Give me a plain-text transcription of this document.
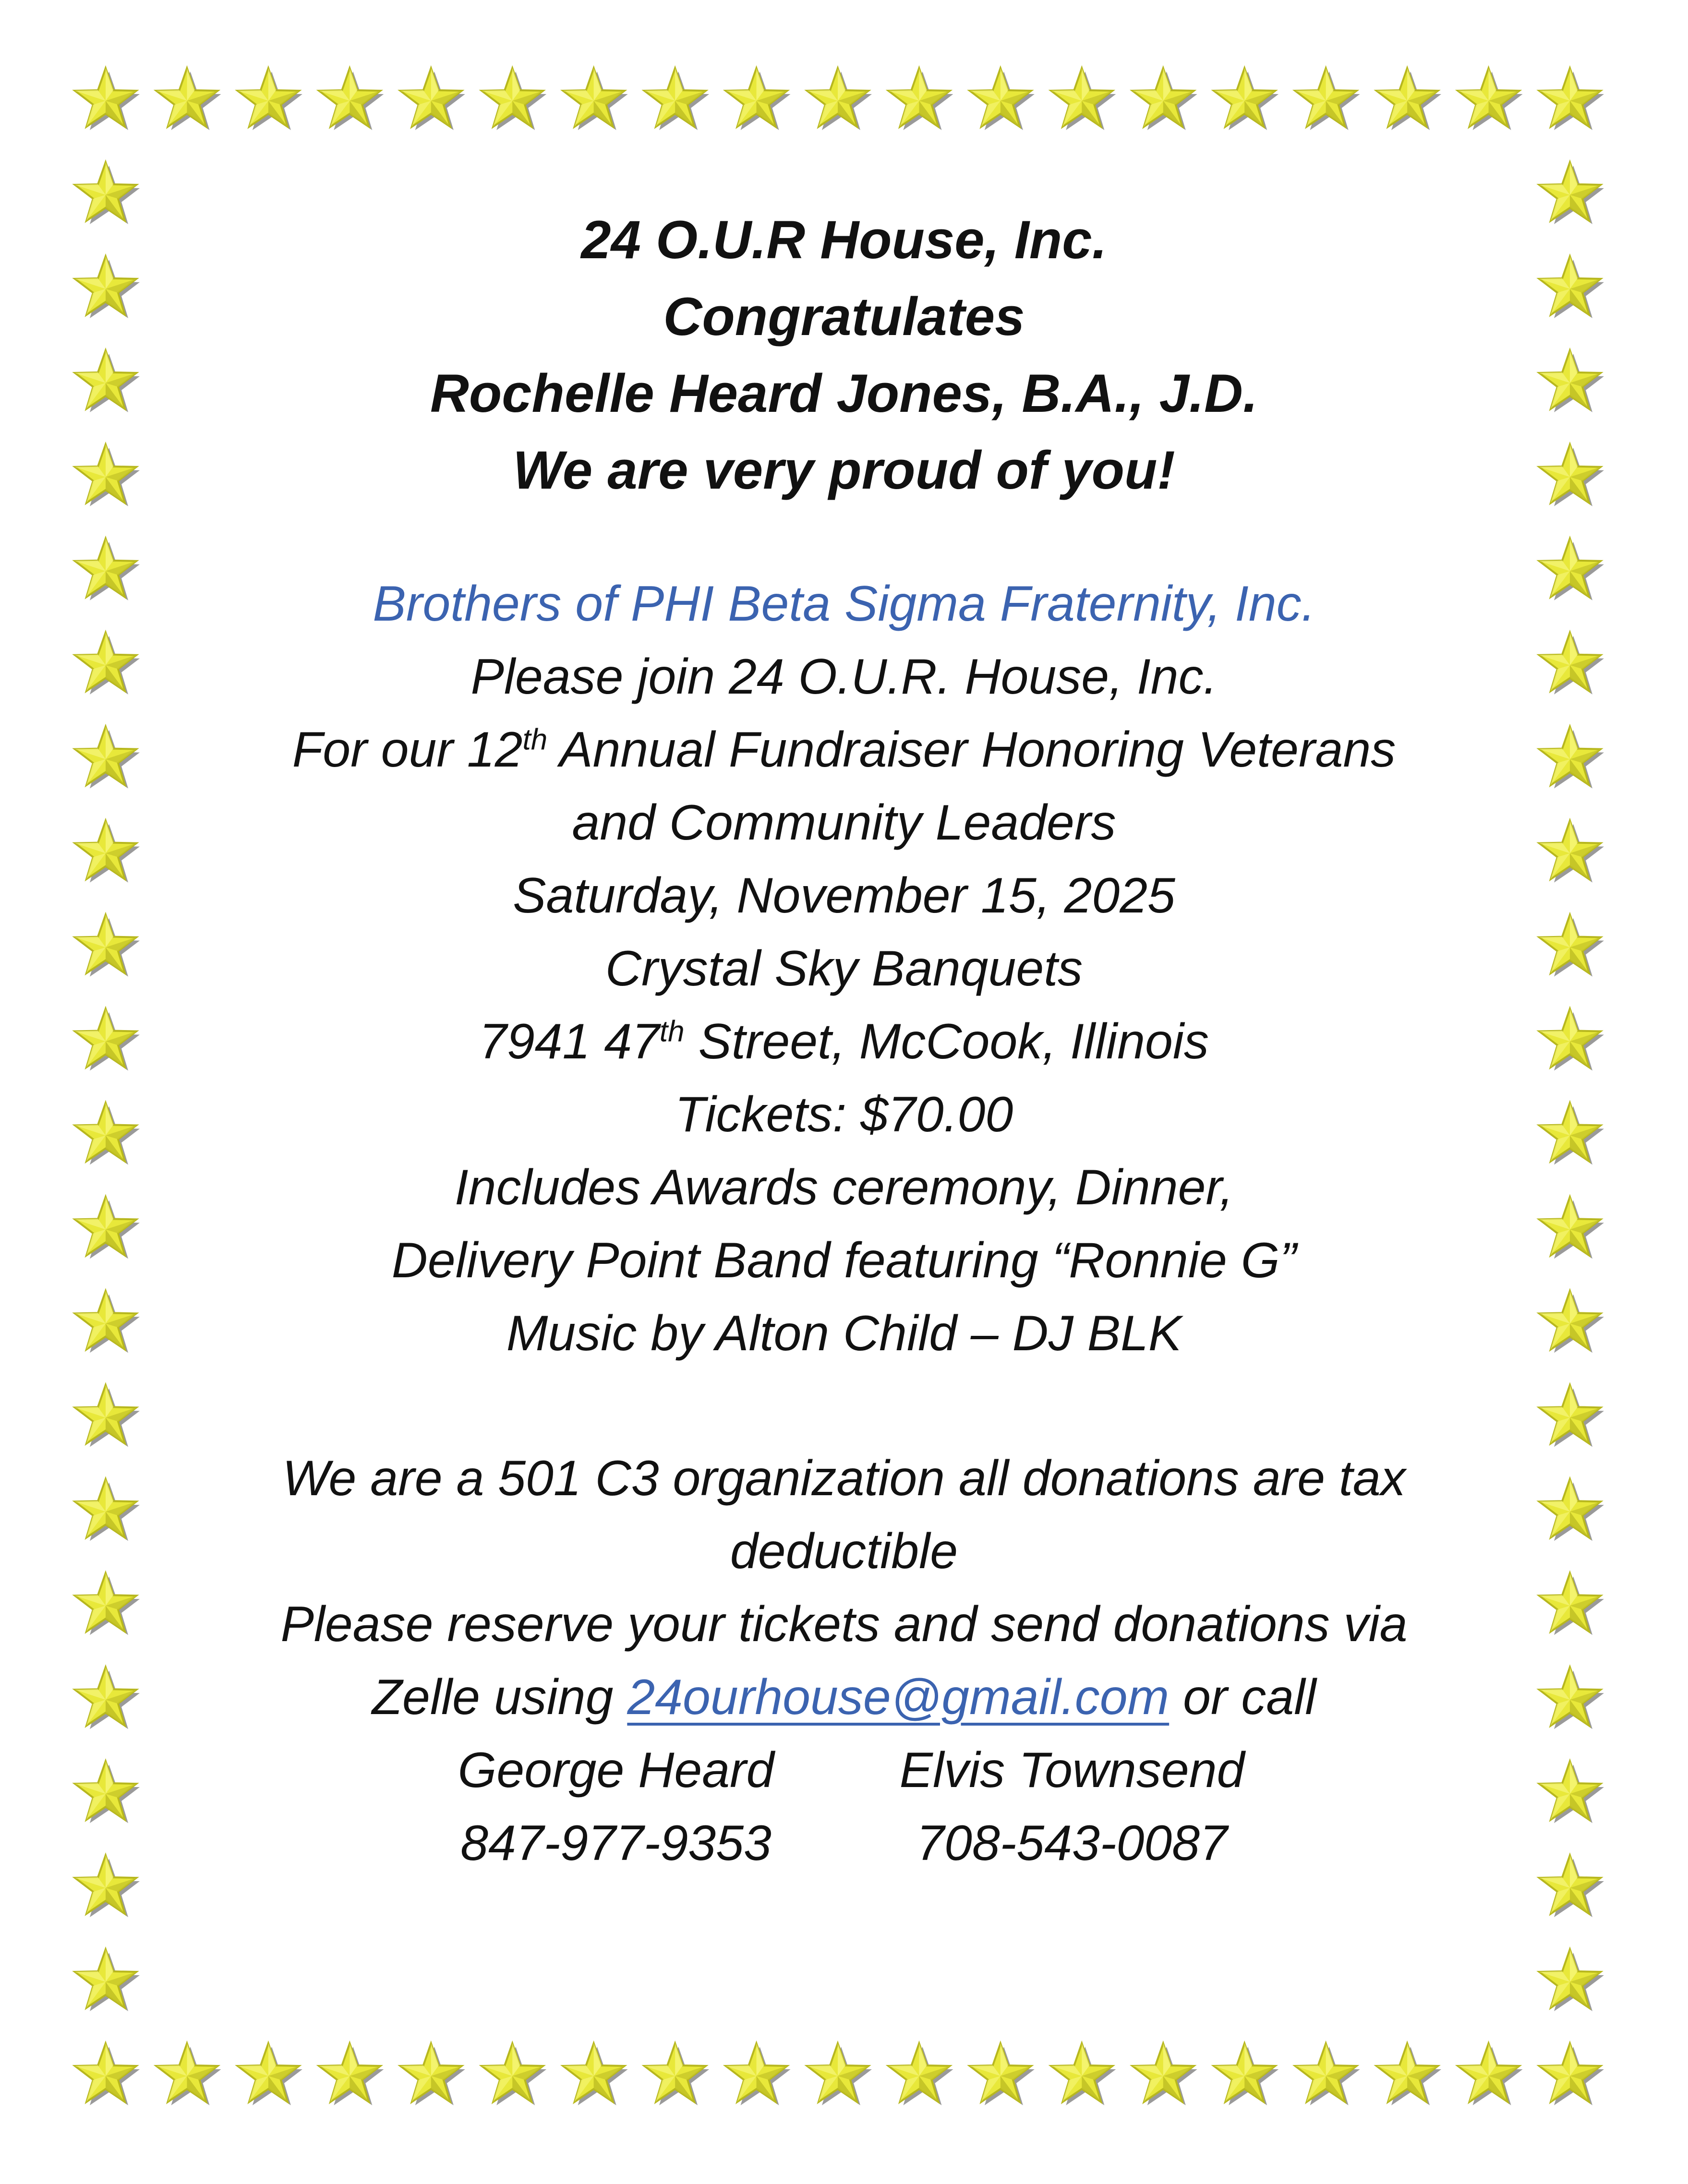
24 O.U.R House, Inc.
Congratulates
Rochelle Heard Jones, B.A., J.D.
We are very proud of you!
Brothers of PHI Beta Sigma Fraternity, Inc.
Please join 24 O.U.R. House, Inc.
For our 12th Annual Fundraiser Honoring Veterans
and Community Leaders
Saturday, November 15, 2025
Crystal Sky Banquets
7941 47th Street, McCook, Illinois
Tickets: $70.00
Includes Awards ceremony, Dinner,
Delivery Point Band featuring “Ronnie G”
Music by Alton Child – DJ BLK
We are a 501 C3 organization all donations are tax
deductible
Please reserve your tickets and send donations via
Zelle using 24ourhouse@gmail.com or call
George Heard	Elvis Townsend
847-977-9353	708-543-0087
